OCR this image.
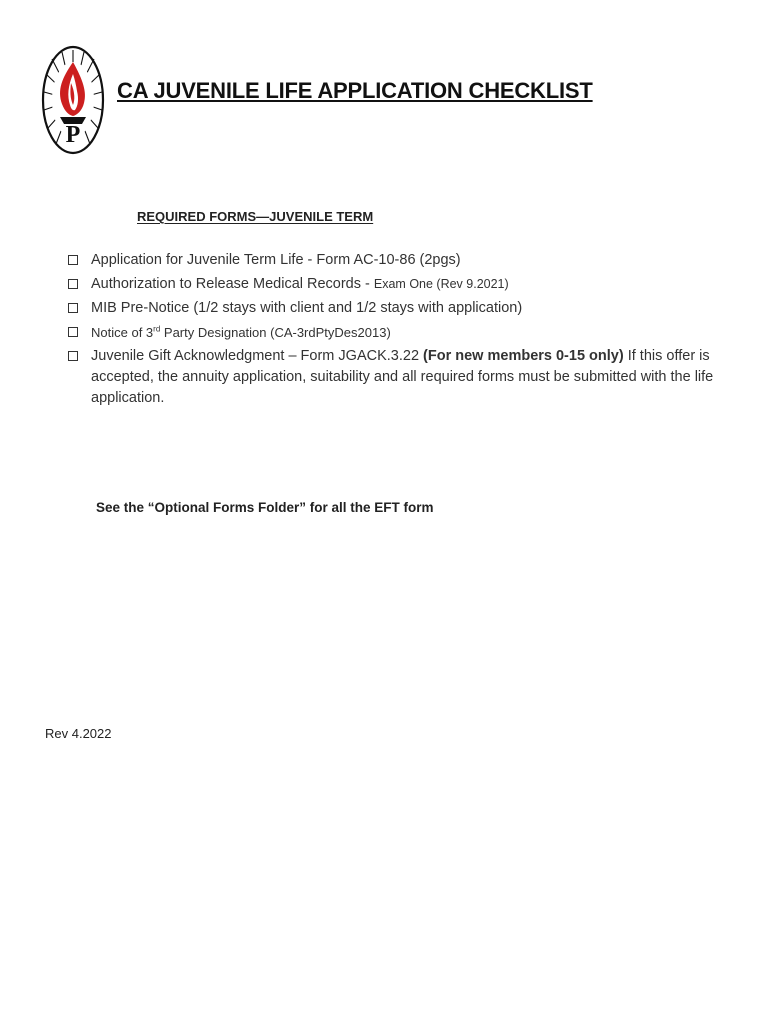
P
CA JUVENILE LIFE APPLICATION CHECKLIST
REQUIRED FORMS—JUVENILE TERM
Application for Juvenile Term Life - Form AC-10-86 (2pgs)
Authorization to Release Medical Records - Exam One (Rev 9.2021)
MIB Pre-Notice (1/2 stays with client and 1/2 stays with application)
Notice of 3rd Party Designation (CA-3rdPtyDes2013)
Juvenile Gift Acknowledgment – Form JGACK.3.22 (For new members 0-15 only) If this offer is accepted, the annuity application, suitability and all required forms must be submitted with the life application.

See the “Optional Forms Folder” for all the EFT form

Rev 4.2022
